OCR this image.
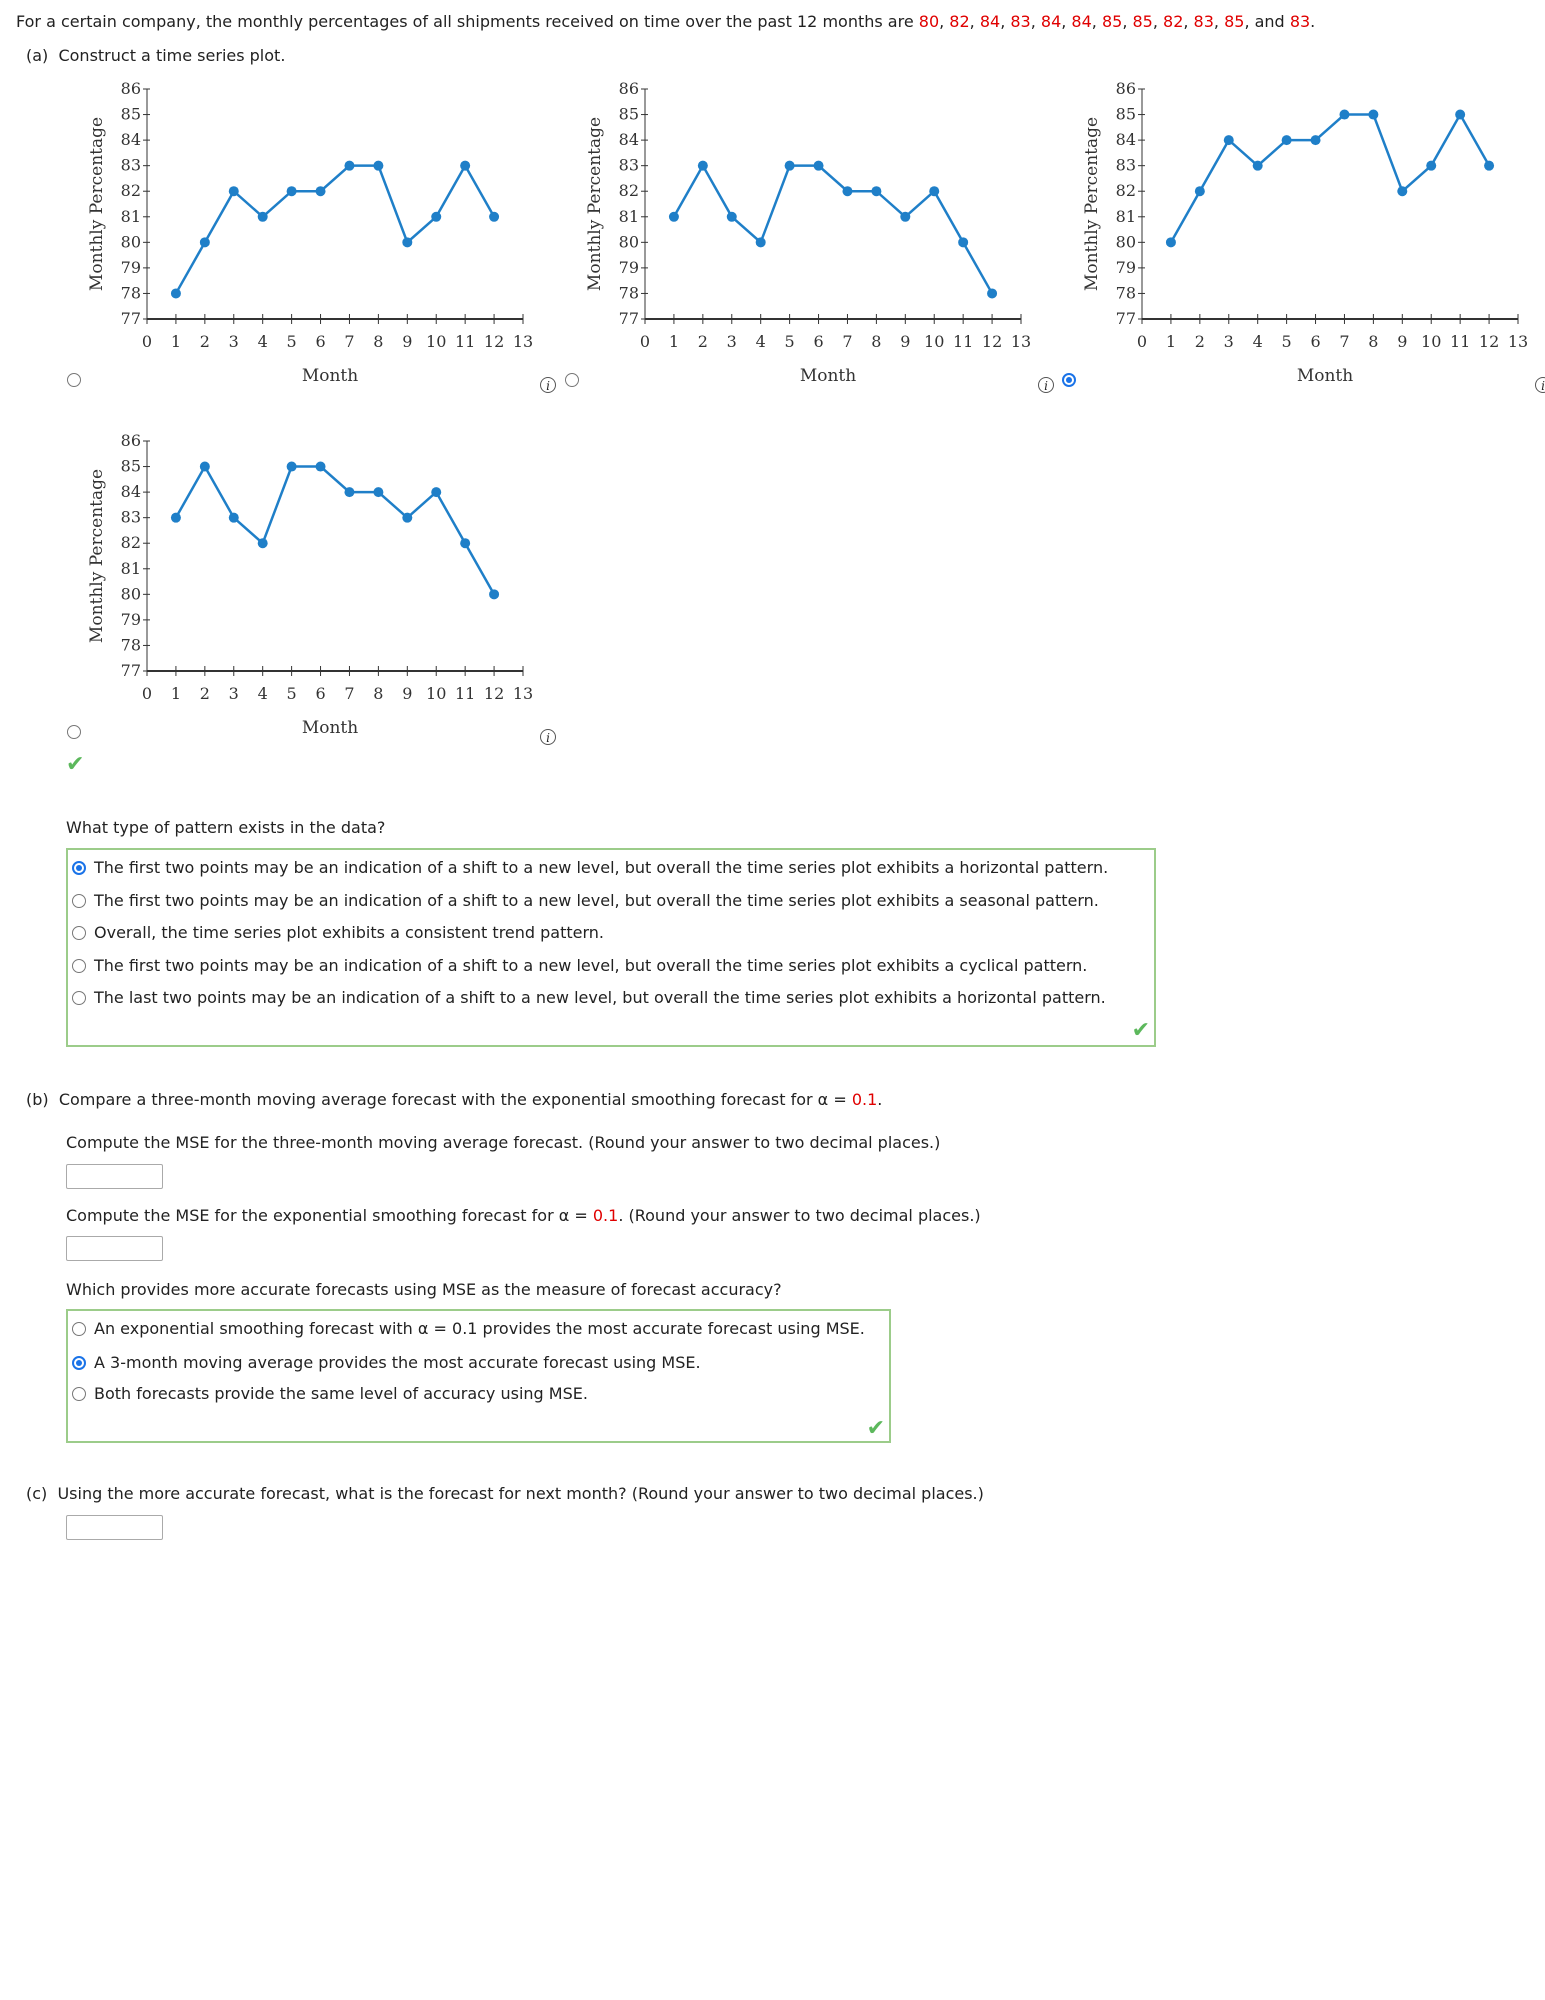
For a certain company, the monthly percentages of all shipments received on time over the past 12 months are 80, 82, 84, 83, 84, 84, 85, 85, 82, 83, 85, and 83.
(a) Construct a time series plot.
77
78
79
80
81
82
83
84
85
86
0 1 2 3 4 5 6 7 8 9 10 11 12 13
Monthly Percentage
Month	i
77
78
79
80
81
82
83
84
85
86
0 1 2 3 4 5 6 7 8 9 10 11 12 13
Monthly Percentage
Month	i
77
78
79
80
81
82
83
84
85
86
0 1 2 3 4 5 6 7 8 9 10 11 12 13
Monthly Percentage
Month	i
77
78
79
80
81
82
83
84
85
86
0 1 2 3 4 5 6 7 8 9 10 11 12 13
Monthly Percentage
Month	i
✔
What type of pattern exists in the data?
The first two points may be an indication of a shift to a new level, but overall the time series plot exhibits a horizontal pattern.
The first two points may be an indication of a shift to a new level, but overall the time series plot exhibits a seasonal pattern.
Overall, the time series plot exhibits a consistent trend pattern.
The first two points may be an indication of a shift to a new level, but overall the time series plot exhibits a cyclical pattern.
The last two points may be an indication of a shift to a new level, but overall the time series plot exhibits a horizontal pattern.
✔
(b) Compare a three-month moving average forecast with the exponential smoothing forecast for α = 0.1.
Compute the MSE for the three-month moving average forecast. (Round your answer to two decimal places.)
Compute the MSE for the exponential smoothing forecast for α = 0.1. (Round your answer to two decimal places.)
Which provides more accurate forecasts using MSE as the measure of forecast accuracy?
An exponential smoothing forecast with α = 0.1 provides the most accurate forecast using MSE.
A 3-month moving average provides the most accurate forecast using MSE.
Both forecasts provide the same level of accuracy using MSE.
✔
(c) Using the more accurate forecast, what is the forecast for next month? (Round your answer to two decimal places.)
